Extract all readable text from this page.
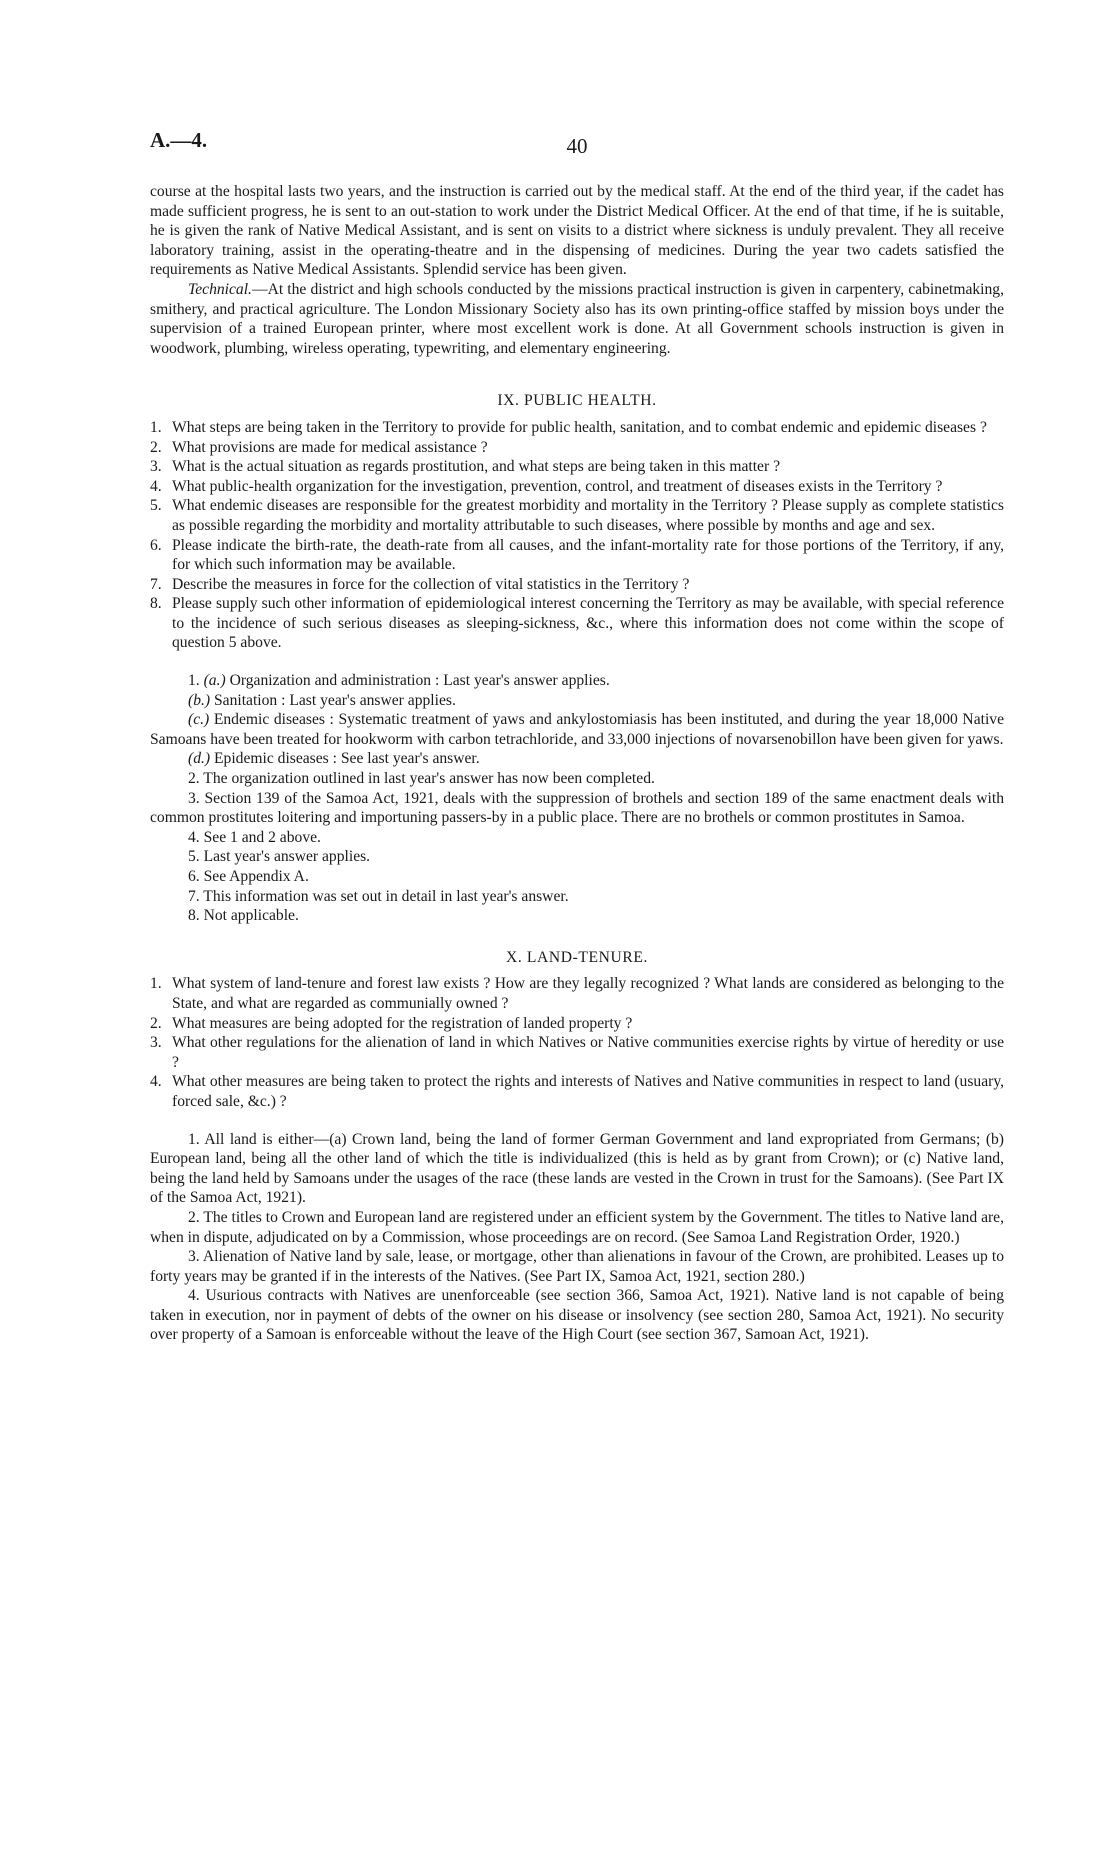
A.—4.	40

course at the hospital lasts two years, and the instruction is carried out by the medical staff. At the end of the third year, if the cadet has made sufficient progress, he is sent to an out-station to work under the District Medical Officer. At the end of that time, if he is suitable, he is given the rank of Native Medical Assistant, and is sent on visits to a district where sickness is unduly prevalent. They all receive laboratory training, assist in the operating-theatre and in the dispensing of medicines. During the year two cadets satisfied the requirements as Native Medical Assistants. Splendid service has been given.

Technical.—At the district and high schools conducted by the missions practical instruction is given in carpentery, cabinetmaking, smithery, and practical agriculture. The London Missionary Society also has its own printing-office staffed by mission boys under the supervision of a trained European printer, where most excellent work is done. At all Government schools instruction is given in woodwork, plumbing, wireless operating, typewriting, and elementary engineering.

IX. PUBLIC HEALTH.
1. What steps are being taken in the Territory to provide for public health, sanitation, and to combat endemic and epidemic diseases ?
2. What provisions are made for medical assistance ?
3. What is the actual situation as regards prostitution, and what steps are being taken in this matter ?
4. What public-health organization for the investigation, prevention, control, and treatment of diseases exists in the Territory ?
5. What endemic diseases are responsible for the greatest morbidity and mortality in the Territory ? Please supply as complete statistics as possible regarding the morbidity and mortality attributable to such diseases, where possible by months and age and sex.
6. Please indicate the birth-rate, the death-rate from all causes, and the infant-mortality rate for those portions of the Territory, if any, for which such information may be available.
7. Describe the measures in force for the collection of vital statistics in the Territory ?
8. Please supply such other information of epidemiological interest concerning the Territory as may be available, with special reference to the incidence of such serious diseases as sleeping-sickness, &c., where this information does not come within the scope of question 5 above.

1. (a.) Organization and administration : Last year's answer applies.

(b.) Sanitation : Last year's answer applies.

(c.) Endemic diseases : Systematic treatment of yaws and ankylostomiasis has been instituted, and during the year 18,000 Native Samoans have been treated for hookworm with carbon tetrachloride, and 33,000 injections of novarsenobillon have been given for yaws.

(d.) Epidemic diseases : See last year's answer.

2. The organization outlined in last year's answer has now been completed.

3. Section 139 of the Samoa Act, 1921, deals with the suppression of brothels and section 189 of the same enactment deals with common prostitutes loitering and importuning passers-by in a public place. There are no brothels or common prostitutes in Samoa.

4. See 1 and 2 above.

5. Last year's answer applies.

6. See Appendix A.

7. This information was set out in detail in last year's answer.

8. Not applicable.

X. LAND-TENURE.
1. What system of land-tenure and forest law exists ? How are they legally recognized ? What lands are considered as belonging to the State, and what are regarded as communially owned ?
2. What measures are being adopted for the registration of landed property ?
3. What other regulations for the alienation of land in which Natives or Native communities exercise rights by virtue of heredity or use ?
4. What other measures are being taken to protect the rights and interests of Natives and Native communities in respect to land (usuary, forced sale, &c.) ?

1. All land is either—(a) Crown land, being the land of former German Government and land expropriated from Germans; (b) European land, being all the other land of which the title is individualized (this is held as by grant from Crown); or (c) Native land, being the land held by Samoans under the usages of the race (these lands are vested in the Crown in trust for the Samoans). (See Part IX of the Samoa Act, 1921).

2. The titles to Crown and European land are registered under an efficient system by the Government. The titles to Native land are, when in dispute, adjudicated on by a Commission, whose proceedings are on record. (See Samoa Land Registration Order, 1920.)

3. Alienation of Native land by sale, lease, or mortgage, other than alienations in favour of the Crown, are prohibited. Leases up to forty years may be granted if in the interests of the Natives. (See Part IX, Samoa Act, 1921, section 280.)

4. Usurious contracts with Natives are unenforceable (see section 366, Samoa Act, 1921). Native land is not capable of being taken in execution, nor in payment of debts of the owner on his disease or insolvency (see section 280, Samoa Act, 1921). No security over property of a Samoan is enforceable without the leave of the High Court (see section 367, Samoan Act, 1921).
